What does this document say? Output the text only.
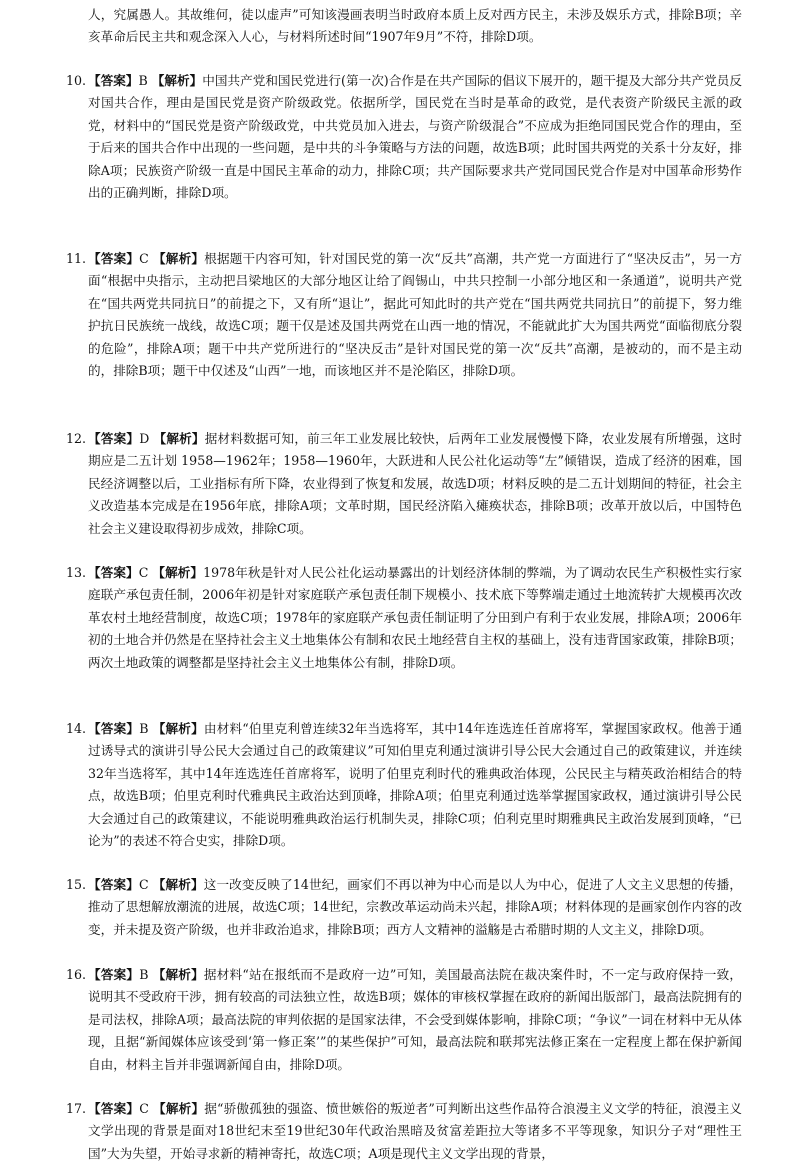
人，究属愚人。其故维何，徒以虚声”可知该漫画表明当时政府本质上反对西方民主，未涉及娱乐方式，排除B项；辛亥革命后民主共和观念深入人心，与材料所述时间“1907年9月”不符，排除D项。
10. 【答案】B 【解析】中国共产党和国民党进行(第一次)合作是在共产国际的倡议下展开的，题干提及大部分共产党员反对国共合作，理由是国民党是资产阶级政党。依据所学，国民党在当时是革命的政党，是代表资产阶级民主派的政党，材料中的“国民党是资产阶级政党，中共党员加入进去，与资产阶级混合”不应成为拒绝同国民党合作的理由，至于后来的国共合作中出现的一些问题，是中共的斗争策略与方法的问题，故选B项；此时国共两党的关系十分友好，排除A项；民族资产阶级一直是中国民主革命的动力，排除C项；共产国际要求共产党同国民党合作是对中国革命形势作出的正确判断，排除D项。
11. 【答案】C 【解析】根据题干内容可知，针对国民党的第一次“反共”高潮，共产党一方面进行了“坚决反击”，另一方面“根据中央指示，主动把吕梁地区的大部分地区让给了阎锡山，中共只控制一小部分地区和一条通道”，说明共产党在“国共两党共同抗日”的前提之下，又有所“退让”，据此可知此时的共产党在“国共两党共同抗日”的前提下，努力维护抗日民族统一战线，故选C项；题干仅是述及国共两党在山西一地的情况，不能就此扩大为国共两党“面临彻底分裂的危险”，排除A项；题干中共产党所进行的“坚决反击”是针对国民党的第一次“反共”高潮，是被动的，而不是主动的，排除B项；题干中仅述及“山西”一地，而该地区并不是沦陷区，排除D项。
12. 【答案】D 【解析】据材料数据可知，前三年工业发展比较快，后两年工业发展慢慢下降，农业发展有所增强，这时期应是二五计划 1958—1962年；1958—1960年，大跃进和人民公社化运动等“左”倾错误，造成了经济的困难，国民经济调整以后，工业指标有所下降，农业得到了恢复和发展，故选D项；材料反映的是二五计划期间的特征，社会主义改造基本完成是在1956年底，排除A项；文革时期，国民经济陷入瘫痪状态，排除B项；改革开放以后，中国特色社会主义建设取得初步成效，排除C项。
13. 【答案】C 【解析】1978年秋是针对人民公社化运动暴露出的计划经济体制的弊端，为了调动农民生产积极性实行家庭联产承包责任制，2006年初是针对家庭联产承包责任制下规模小、技术底下等弊端走通过土地流转扩大规模再次改革农村土地经营制度，故选C项；1978年的家庭联产承包责任制证明了分田到户有利于农业发展，排除A项；2006年初的土地合并仍然是在坚持社会主义土地集体公有制和农民土地经营自主权的基础上，没有违背国家政策，排除B项；两次土地政策的调整都是坚持社会主义土地集体公有制，排除D项。
14. 【答案】B 【解析】由材料“伯里克利曾连续32年当选将军，其中14年连选连任首席将军，掌握国家政权。他善于通过诱导式的演讲引导公民大会通过自己的政策建议”可知伯里克利通过演讲引导公民大会通过自己的政策建议，并连续32年当选将军，其中14年连选连任首席将军，说明了伯里克利时代的雅典政治体现，公民民主与精英政治相结合的特点，故选B项；伯里克利时代雅典民主政治达到顶峰，排除A项；伯里克利通过选举掌握国家政权，通过演讲引导公民大会通过自己的政策建议，不能说明雅典政治运行机制失灵，排除C项；伯利克里时期雅典民主政治发展到顶峰，“已论为”的表述不符合史实，排除D项。
15. 【答案】C 【解析】这一改变反映了14世纪，画家们不再以神为中心而是以人为中心，促进了人文主义思想的传播，推动了思想解放潮流的进展，故选C项；14世纪，宗教改革运动尚未兴起，排除A项；材料体现的是画家创作内容的改变，并未提及资产阶级，也并非政治追求，排除B项；西方人文精神的溢觞是古希腊时期的人文主义，排除D项。
16. 【答案】B 【解析】据材料“站在报纸而不是政府一边”可知，美国最高法院在裁决案件时，不一定与政府保持一致，说明其不受政府干涉，拥有较高的司法独立性，故选B项；媒体的审核权掌握在政府的新闻出版部门，最高法院拥有的是司法权，排除A项；最高法院的审判依据的是国家法律，不会受到媒体影响，排除C项；“争议”一词在材料中无从体现，且据“新闻媒体应该受到‘第一修正案’”的某些保护”可知，最高法院和联邦宪法修正案在一定程度上都在保护新闻自由，材料主旨并非强调新闻自由，排除D项。
17. 【答案】C 【解析】据“骄傲孤独的强盗、愤世嫉俗的叛逆者”可判断出这些作品符合浪漫主义文学的特征，浪漫主义文学出现的背景是面对18世纪末至19世纪30年代政治黑暗及贫富差距拉大等诸多不平等现象，知识分子对“理性王国”大为失望，开始寻求新的精神寄托，故选C项；A项是现代主义文学出现的背景，
